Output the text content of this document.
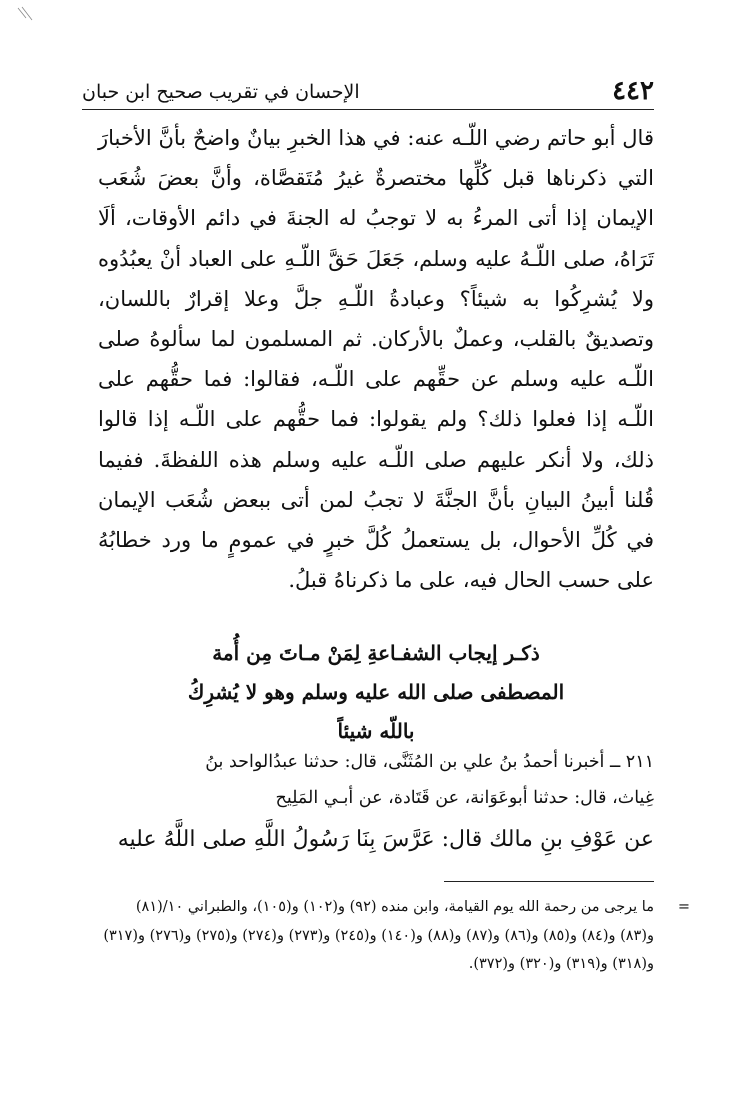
٤٤٢
الإحسان في تقريب صحيح ابن حبان

قال أبو حاتم رضي اللّـه عنه: في هذا الخبرِ بيانٌ واضحٌ بأنَّ الأخبارَ التي ذكرناها قبل كُلِّها مختصرةٌ غيرُ مُتَقصَّاة، وأنَّ بعضَ شُعَب الإيمان إذا أتى المرءُ به لا توجبُ له الجنةَ في دائم الأوقات، ألَا تَرَاهُ، صلى اللّـهُ عليه وسلم، جَعَلَ حَقَّ اللّـهِ على العباد أنْ يعبُدُوه ولا يُشرِكُوا به شيئاً؟ وعبادةُ اللّـهِ جلَّ وعلا إقرارٌ باللسان، وتصديقٌ بالقلب، وعملٌ بالأركان. ثم المسلمون لما سألوهُ صلى اللّـه عليه وسلم عن حقِّهم على اللّـه، فقالوا: فما حقُّهم على اللّـه إذا فعلوا ذلك؟ ولم يقولوا: فما حقُّهم على اللّـه إذا قالوا ذلك، ولا أنكر عليهم صلى اللّـه عليه وسلم هذه اللفظةَ. ففيما قُلنا أبينُ البيانِ بأنَّ الجنَّةَ لا تجبُ لمن أتى ببعض شُعَب الإيمان في كُلِّ الأحوال، بل يستعملُ كُلَّ خبرٍ في عمومٍ ما ورد خطابُهُ على حسب الحال فيه، على ما ذكرناهُ قبلُ.

ذكـر إيجاب الشفـاعةِ لِمَنْ مـاتَ مِن أُمة
المصطفى صلى الله عليه وسلم وهو لا يُشرِكُ
باللّه شيئاً
٢١١ ــ أخبرنا أحمدُ بنُ علي بن المُثَنَّى، قال: حدثنا عبدُالواحد بنُ
غِياث، قال: حدثنا أبوعَوَانة، عن قَتَادة، عن أبـي المَلِيح
عن عَوْفِ بنِ مالك قال: عَرَّسَ بِنَا رَسُولُ اللَّهِ صلى اللَّهُ عليه
=
ما يرجى من رحمة الله يوم القيامة، وابن منده (٩٢) و(١٠٢) و(١٠٥)، والطبراني ١٠/(٨١) و(٨٣) و(٨٤) و(٨٥) و(٨٦) و(٨٧) و(٨٨) و(١٤٠) و(٢٤٥) و(٢٧٣) و(٢٧٤) و(٢٧٥) و(٢٧٦) و(٣١٧) و(٣١٨) و(٣١٩) و(٣٢٠) و(٣٧٢).
